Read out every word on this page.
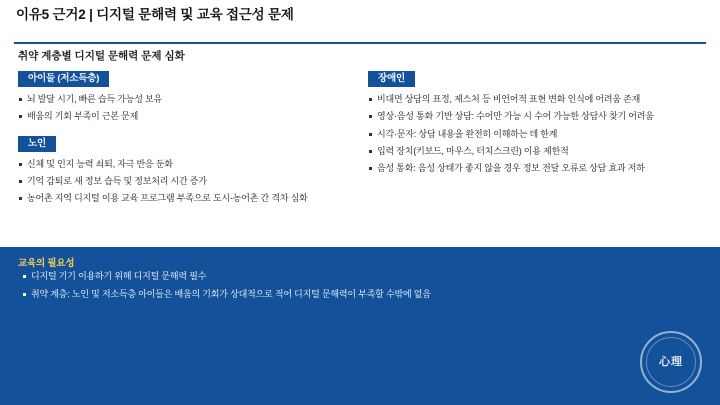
이유5 근거2 | 디지털 문해력 및 교육 접근성 문제
취약 계층별 디지털 문해력 문제 심화
아이들 (저소득층)
뇌 발달 시기, 빠른 습득 가능성 보유
배움의 기회 부족이 근본 문제
노인
신체 및 인지 능력 쇠퇴, 자극 반응 둔화
기억 감퇴로 새 정보 습득 및 정보처리 시간 증가
농어촌 지역 디지털 이용 교육 프로그램 부족으로 도시-농어촌 간 격차 심화
장애인
비대면 상담의 표정, 제스처 등 비언어적 표현 변화 인식에 어려움 존재
영상·음성 통화 기반 상담: 수어만 가능 시 수어 가능한 상담사 찾기 어려움
시각·문자: 상담 내용을 완전히 이해하는 데 한계
입력 장치(키보드, 마우스, 터치스크린) 이용 제한적
음성 통화: 음성 상태가 좋지 않을 경우 정보 전달 오류로 상담 효과 저하
교육의 필요성
디지털 기기 이용하기 위해 디지털 문해력 필수
취약 계층: 노인 및 저소득층 아이들은 배움의 기회가 상대적으로 적어 디지털 문해력이 부족할 수밖에 없음
心理
